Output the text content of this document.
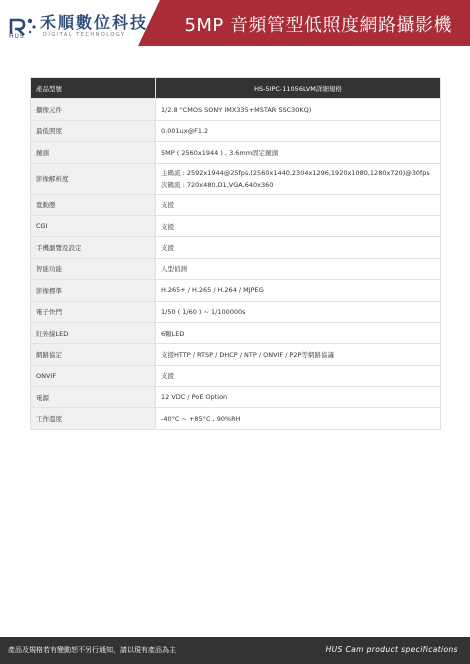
禾順數位科技
HUS	DIGITAL TECHNOLOGY	5MP 音頻管型低照度網路攝影機
產品型號	HS-5IPC-11056LVM詳細規格
攝像元件	1/2.8 "CMOS SONY IMX335+MSTAR SSC30KQ)
最低照度	0.001ux@F1.2
鏡頭	5MP ( 2560x1944 ) , 3.6mm固定鏡頭
影像解析度	主碼流 : 2592x1944@25fps,(2560x1440,2304x1296,1920x1080,1280x720)@30fps
次碼流 : 720x480,D1,VGA,640x360

寬動態	支援
CGI	支援
手機瀏覽及設定	支援
智能功能	人型偵測
影像標準	H.265+ / H.265 / H.264 / MJPEG
電子快門	1/50 ( 1/60 ) ~ 1/100000s
紅外線LED	6顆LED
網路協定	支援HTTP / RTSP / DHCP / NTP / ONVIF / P2P等網路協議
ONVIF	支援
電源	12 VDC / PoE Option
工作溫度	-40°C ~ +85°C , 90%RH
產品及規格若有變動恕不另行通知，請以現有產品為主	HUS Cam product specifications
